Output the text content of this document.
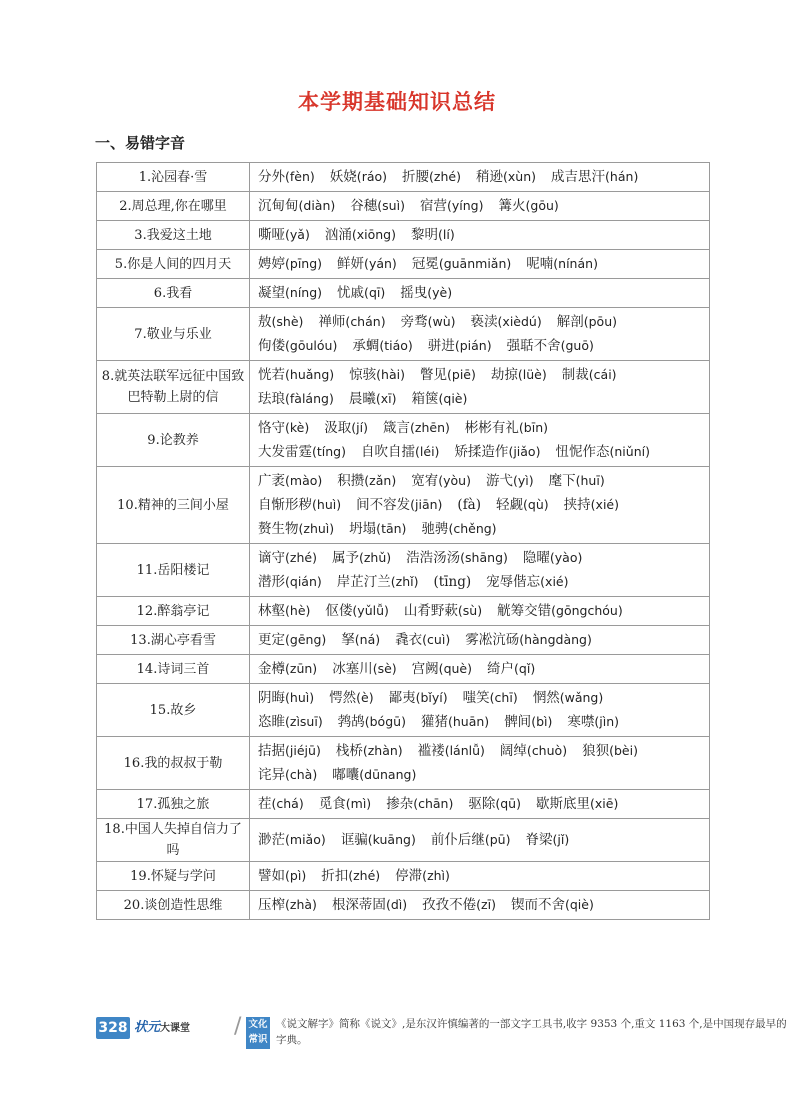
本学期基础知识总结
一、易错字音
1.沁园春·雪	分外(fèn) 妖娆(ráo) 折腰(zhé) 稍逊(xùn) 成吉思汗(hán)

2.周总理,你在哪里	沉甸甸(diàn) 谷穗(suì) 宿营(yíng) 篝火(gōu)

3.我爱这土地	嘶哑(yǎ) 汹涌(xiōng) 黎明(lí)

5.你是人间的四月天	娉婷(pīng) 鲜妍(yán) 冠冕(guānmiǎn) 呢喃(nínán)

6.我看	凝望(níng) 忧戚(qī) 摇曳(yè)

7.敬业与乐业	敖(shè) 禅师(chán) 旁骛(wù) 亵渎(xièdú) 解剖(pōu)
佝偻(gōulóu) 承蜩(tiáo) 骈进(pián) 强聒不舍(guō)

8.就英法联军远征中国致巴特勒上尉的信	恍若(huǎng) 惊骇(hài) 瞥见(piē) 劫掠(lüè) 制裁(cái)
珐琅(fàláng) 晨曦(xī) 箱箧(qiè)

9.论教养	恪守(kè) 汲取(jí) 箴言(zhēn) 彬彬有礼(bīn)
大发雷霆(tíng) 自吹自擂(léi) 矫揉造作(jiǎo) 忸怩作态(niǔní)

10.精神的三间小屋	广袤(mào) 积攒(zǎn) 宽宥(yòu) 游弋(yì) 麾下(huī)
自惭形秽(huì) 间不容发(jiān) (fà) 轻觑(qù) 挟持(xié)
赘生物(zhuì) 坍塌(tān) 驰骋(chěng)

11.岳阳楼记	谪守(zhé) 属予(zhǔ) 浩浩汤汤(shāng) 隐曜(yào)
潜形(qián) 岸芷汀兰(zhǐ) (tīng) 宠辱偕忘(xié)

12.醉翁亭记	林壑(hè) 伛偻(yǔlǚ) 山肴野蔌(sù) 觥筹交错(gōngchóu)

13.湖心亭看雪	更定(gēng) 拏(ná) 毳衣(cuì) 雾凇沆砀(hàngdàng)

14.诗词三首	金樽(zūn) 冰塞川(sè) 宫阙(què) 绮户(qǐ)

15.故乡	阴晦(huì) 愕然(è) 鄙夷(bǐyí) 嗤笑(chī) 惘然(wǎng)
恣睢(zìsuī) 鹁鸪(bógū) 獾猪(huān) 髀间(bì) 寒噤(jìn)

16.我的叔叔于勒	拮据(jiéjū) 栈桥(zhàn) 褴褛(lánlǚ) 阔绰(chuò) 狼狈(bèi)
诧异(chà) 嘟囔(dūnang)

17.孤独之旅	茬(chá) 觅食(mì) 掺杂(chān) 驱除(qū) 歇斯底里(xiē)

18.中国人失掉自信力了吗	渺茫(miǎo) 诓骗(kuāng) 前仆后继(pū) 脊梁(jǐ)

19.怀疑与学问	譬如(pì) 折扣(zhé) 停滞(zhì)

20.谈创造性思维	压榨(zhà) 根深蒂固(dì) 孜孜不倦(zī) 锲而不舍(qiè)
328 状元大课堂 / 文化常识
《说文解字》简称《说文》,是东汉许慎编著的一部文字工具书,收字 9353 个,重文 1163 个,是中国现存最早的字典。
